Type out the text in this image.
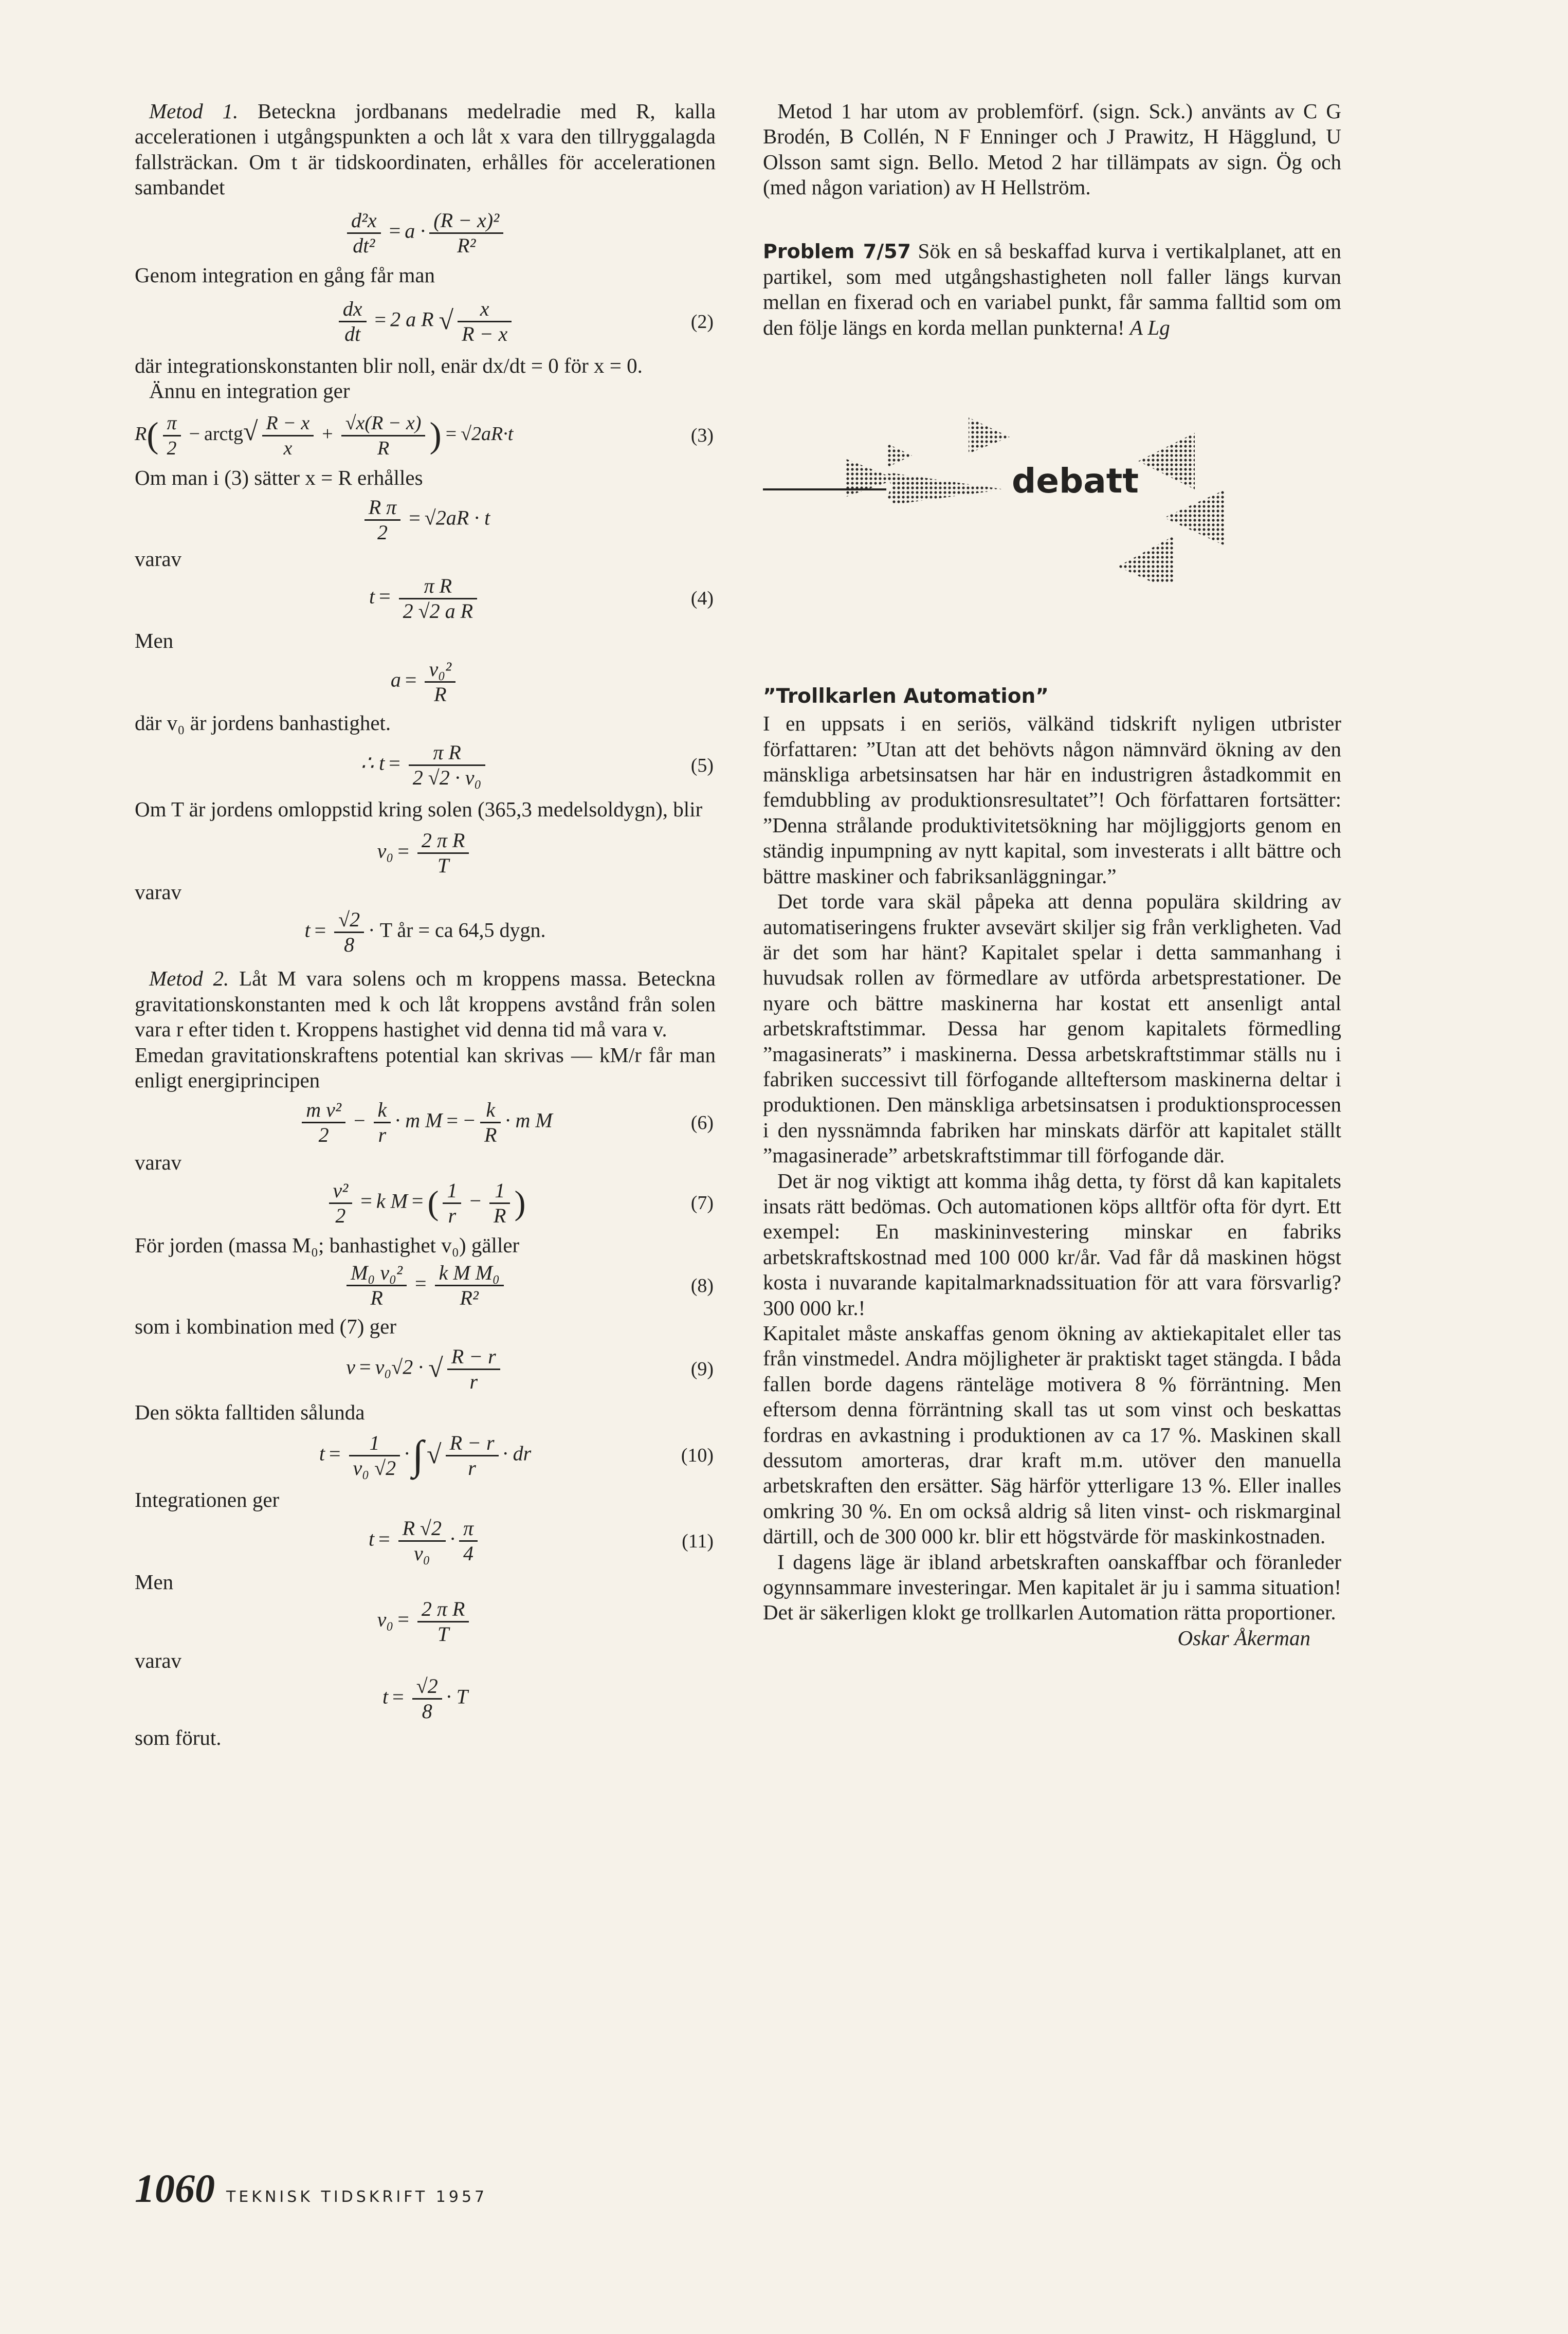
Metod 1. Beteckna jordbanans medelradie med R, kalla accelerationen i utgångspunkten a och låt x vara den tillryggalagda fallsträckan. Om t är tidskoordinaten, erhålles för accelerationen sambandet

$\frac{\text{d²x}}{\text{dt²}} = a \cdot \frac{\text{(R − x)²}}{\text{R²}}$

Genom integration en gång får man

$\frac{dx}{dt} = 2$ a R √ $\frac{x}{R - x}$	(2)

där integrationskonstanten blir noll, enär dx/dt = 0 för x = 0.

Ännu en integration ger

$R( \frac{\pi}{2}$ − arctg√ $\frac{R - x}{x} + \frac{√x(R - x)}{R}$ ) = √2aR·t	(3)

Om man i (3) sätter x = R erhålles

$\frac{\text{R π}}{2} = √2aR \cdot t$

varav

$t = \frac{\text{π R}}{\text{2 √2 a R}}$	(4)

Men

$a = \frac{\text{v₀²}}{R}$

där v₀ är jordens banhastighet.

∴ $t = \frac{\text{π R}}{\text{2 √2 · v₀}}$	(5)

Om T är jordens omloppstid kring solen (365,3 medelsoldygn), blir

$v_0 = \frac{\text{2 π R}}{T}$

varav

$t = \frac{√2}{8} \cdot T$ år = ca 64,5 dygn.

Metod 2. Låt M vara solens och m kroppens massa. Beteckna gravitationskonstanten med k och låt kroppens avstånd från solen vara r efter tiden t. Kroppens hastighet vid denna tid må vara v.

Emedan gravitationskraftens potential kan skrivas — kM/r får man enligt energiprincipen

$\frac{\text{m v²}}{2} - \frac{k}{r} \cdot m$ M = − $\frac{k}{R} \cdot m$ M	(6)

varav

$\frac{\text{v²}}{2} = k$ M = ( $\frac{1}{r} - \frac{1}{R}$ )	(7)

För jorden (massa M₀; banhastighet v₀) gäller

$\frac{\text{M₀ v₀²}}{R} = \frac{\text{k M M₀}}{\text{R²}}$	(8)

som i kombination med (7) ger

v = v₀√2 · √ $\frac{R - r}{r}$	(9)

Den sökta falltiden sålunda

$t = \frac{1}{\text{v₀ √2}}$ ·∫ √ $\frac{R - r}{r}$ · dr	(10)

Integrationen ger

$t = \frac{R √2}{\text{v₀}} \cdot \frac{\pi}{4}$	(11)

Men

$v_0 = \frac{\text{2 π R}}{T}$

varav

$t = \frac{√2}{8} \cdot T$

som förut.

Metod 1 har utom av problemförf. (sign. Sck.) använts av C G Brodén, B Collén, N F Enninger och J Prawitz, H Hägglund, U Olsson samt sign. Bello. Metod 2 har tillämpats av sign. Ög och (med någon variation) av H Hellström.

Problem 7/57 Sök en så beskaffad kurva i vertikalplanet, att en partikel, som med utgångshastigheten noll faller längs kurvan mellan en fixerad och en variabel punkt, får samma falltid som om den följe längs en korda mellan punkterna! A Lg

debatt
”Trollkarlen Automation”

I en uppsats i en seriös, välkänd tidskrift nyligen utbrister författaren: ”Utan att det behövts någon nämnvärd ökning av den mänskliga arbetsinsatsen har här en industrigren åstadkommit en femdubbling av produktionsresultatet”! Och författaren fortsätter: ”Denna strålande produktivitetsökning har möjliggjorts genom en ständig inpumpning av nytt kapital, som investerats i allt bättre och bättre maskiner och fabriksanläggningar.”

Det torde vara skäl påpeka att denna populära skildring av automatiseringens frukter avsevärt skiljer sig från verkligheten. Vad är det som har hänt? Kapitalet spelar i detta sammanhang i huvudsak rollen av förmedlare av utförda arbetsprestationer. De nyare och bättre maskinerna har kostat ett ansenligt antal arbetskraftstimmar. Dessa har genom kapitalets förmedling ”magasinerats” i maskinerna. Dessa arbetskraftstimmar ställs nu i fabriken successivt till förfogande allteftersom maskinerna deltar i produktionen. Den mänskliga arbetsinsatsen i produktionsprocessen i den nyssnämnda fabriken har minskats därför att kapitalet ställt ”magasinerade” arbetskraftstimmar till förfogande där.

Det är nog viktigt att komma ihåg detta, ty först då kan kapitalets insats rätt bedömas. Och automationen köps alltför ofta för dyrt. Ett exempel: En maskininvestering minskar en fabriks arbetskraftskostnad med 100 000 kr/år. Vad får då maskinen högst kosta i nuvarande kapitalmarknadssituation för att vara försvarlig? 300 000 kr.!

Kapitalet måste anskaffas genom ökning av aktiekapitalet eller tas från vinstmedel. Andra möjligheter är praktiskt taget stängda. I båda fallen borde dagens ränteläge motivera 8 % förräntning. Men eftersom denna förräntning skall tas ut som vinst och beskattas fordras en avkastning i produktionen av ca 17 %. Maskinen skall dessutom amorteras, drar kraft m.m. utöver den manuella arbetskraften den ersätter. Säg härför ytterligare 13 %. Eller inalles omkring 30 %. En om också aldrig så liten vinst- och riskmarginal därtill, och de 300 000 kr. blir ett högstvärde för maskinkostnaden.

I dagens läge är ibland arbetskraften oanskaffbar och föranleder ogynnsammare investeringar. Men kapitalet är ju i samma situation! Det är säkerligen klokt ge trollkarlen Automation rätta proportioner.

Oskar Åkerman
1060 TEKNISK TIDSKRIFT 1957
